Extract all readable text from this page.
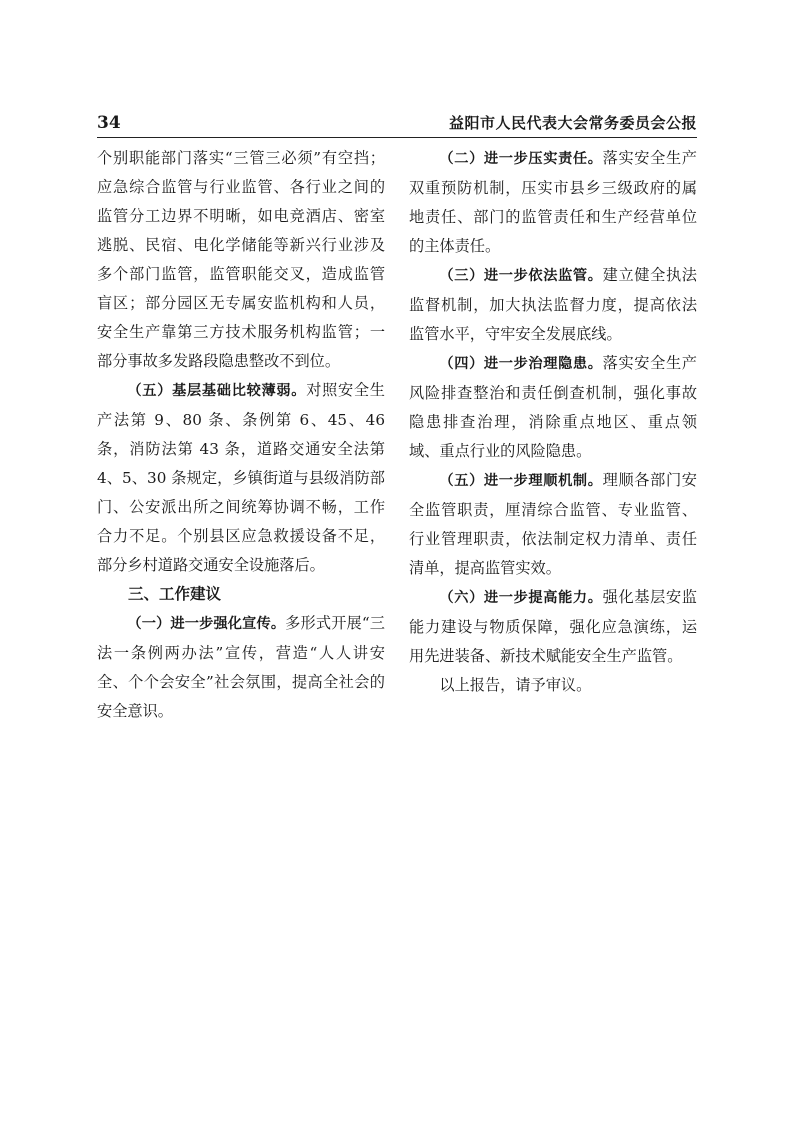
34	益阳市人民代表大会常务委员会公报

个别职能部门落实“三管三必须”有空挡；应急综合监管与行业监管、各行业之间的监管分工边界不明晰，如电竞酒店、密室逃脱、民宿、电化学储能等新兴行业涉及多个部门监管，监管职能交叉，造成监管盲区；部分园区无专属安监机构和人员，安全生产靠第三方技术服务机构监管；一部分事故多发路段隐患整改不到位。

（五）基层基础比较薄弱。对照安全生产法第 9、80 条、条例第 6、45、46 条，消防法第 43 条，道路交通安全法第 4、5、30 条规定，乡镇街道与县级消防部门、公安派出所之间统筹协调不畅，工作合力不足。个别县区应急救援设备不足，部分乡村道路交通安全设施落后。

三、工作建议

（一）进一步强化宣传。多形式开展“三法一条例两办法”宣传，营造“人人讲安全、个个会安全”社会氛围，提高全社会的安全意识。

（二）进一步压实责任。落实安全生产双重预防机制，压实市县乡三级政府的属地责任、部门的监管责任和生产经营单位的主体责任。

（三）进一步依法监管。建立健全执法监督机制，加大执法监督力度，提高依法监管水平，守牢安全发展底线。

（四）进一步治理隐患。落实安全生产风险排查整治和责任倒查机制，强化事故隐患排查治理，消除重点地区、重点领域、重点行业的风险隐患。

（五）进一步理顺机制。理顺各部门安全监管职责，厘清综合监管、专业监管、行业管理职责，依法制定权力清单、责任清单，提高监管实效。

（六）进一步提高能力。强化基层安监能力建设与物质保障，强化应急演练，运用先进装备、新技术赋能安全生产监管。

以上报告，请予审议。
